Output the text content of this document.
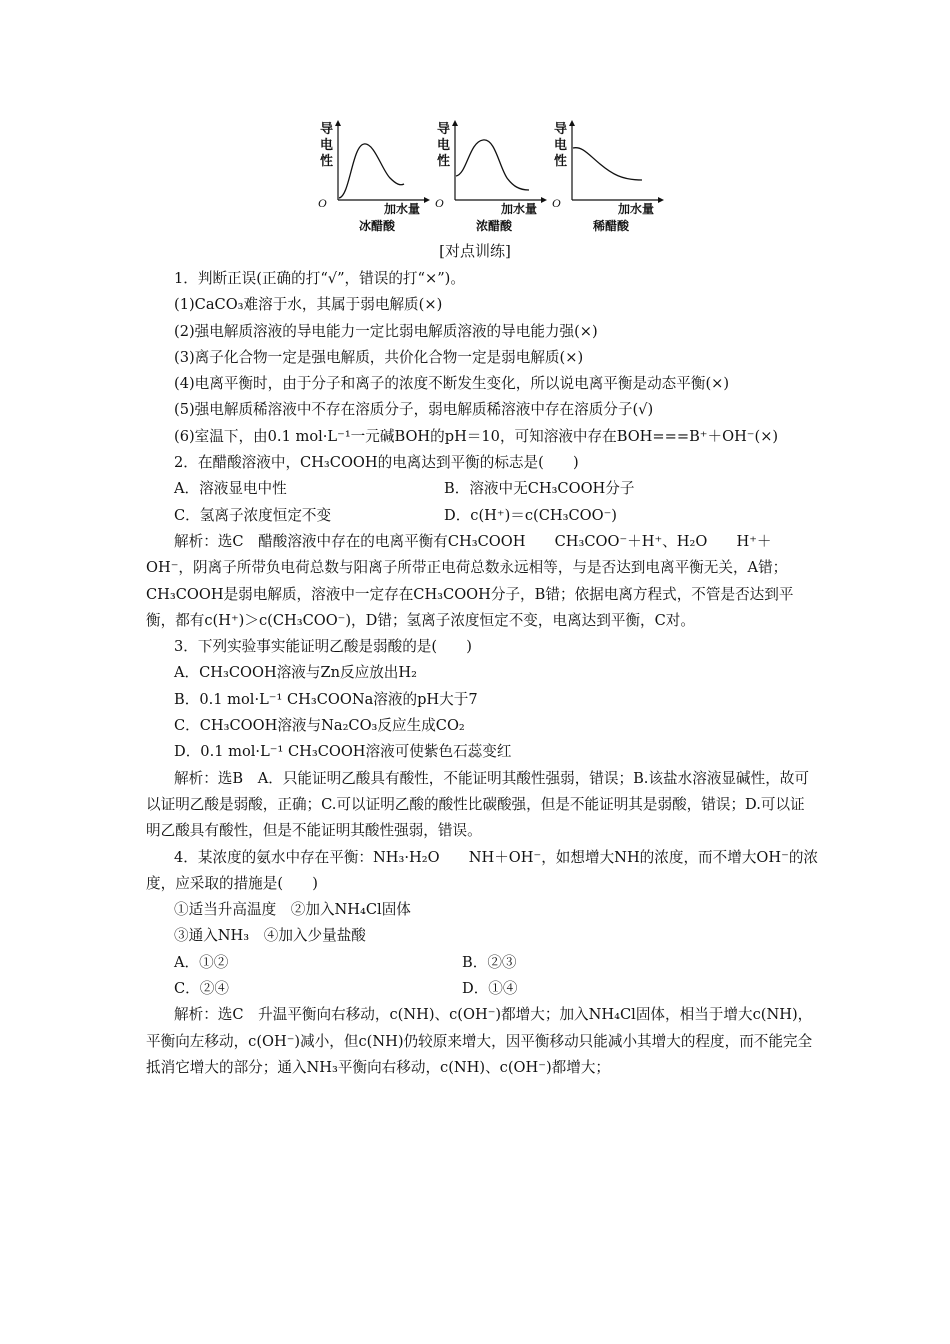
导电性
O	加水量
冰醋酸
导电性
O	加水量
浓醋酸
导电性
O	加水量
稀醋酸
[对点训练]

1．判断正误(正确的打“√”，错误的打“×”)。

(1)CaCO₃难溶于水，其属于弱电解质(×)

(2)强电解质溶液的导电能力一定比弱电解质溶液的导电能力强(×)

(3)离子化合物一定是强电解质，共价化合物一定是弱电解质(×)

(4)电离平衡时，由于分子和离子的浓度不断发生变化，所以说电离平衡是动态平衡(×)

(5)强电解质稀溶液中不存在溶质分子，弱电解质稀溶液中存在溶质分子(√)

(6)室温下，由0.1 mol·L⁻¹一元碱BOH的pH＝10，可知溶液中存在BOH===B⁺＋OH⁻(×)

2．在醋酸溶液中，CH₃COOH的电离达到平衡的标志是(　　)

A．溶液显电中性	B．溶液中无CH₃COOH分子
C．氢离子浓度恒定不变	D．c(H⁺)＝c(CH₃COO⁻)

解析：选C　醋酸溶液中存在的电离平衡有CH₃COOH　　CH₃COO⁻＋H⁺、H₂O　　H⁺＋OH⁻，阴离子所带负电荷总数与阳离子所带正电荷总数永远相等，与是否达到电离平衡无关，A错；CH₃COOH是弱电解质，溶液中一定存在CH₃COOH分子，B错；依据电离方程式，不管是否达到平衡，都有c(H⁺)＞c(CH₃COO⁻)，D错；氢离子浓度恒定不变，电离达到平衡，C对。

3．下列实验事实能证明乙酸是弱酸的是(　　)

A．CH₃COOH溶液与Zn反应放出H₂

B．0.1 mol·L⁻¹ CH₃COONa溶液的pH大于7

C．CH₃COOH溶液与Na₂CO₃反应生成CO₂

D．0.1 mol·L⁻¹ CH₃COOH溶液可使紫色石蕊变红

解析：选B　A．只能证明乙酸具有酸性，不能证明其酸性强弱，错误；B.该盐水溶液显碱性，故可以证明乙酸是弱酸，正确；C.可以证明乙酸的酸性比碳酸强，但是不能证明其是弱酸，错误；D.可以证明乙酸具有酸性，但是不能证明其酸性强弱，错误。

4．某浓度的氨水中存在平衡：NH₃·H₂O　　NH＋OH⁻，如想增大NH的浓度，而不增大OH⁻的浓度，应采取的措施是(　　)

①适当升高温度　②加入NH₄Cl固体

③通入NH₃　④加入少量盐酸

A．①②	B．②③
C．②④	D．①④

解析：选C　升温平衡向右移动，c(NH)、c(OH⁻)都增大；加入NH₄Cl固体，相当于增大c(NH)，平衡向左移动，c(OH⁻)减小，但c(NH)仍较原来增大，因平衡移动只能减小其增大的程度，而不能完全抵消它增大的部分；通入NH₃平衡向右移动，c(NH)、c(OH⁻)都增大；
